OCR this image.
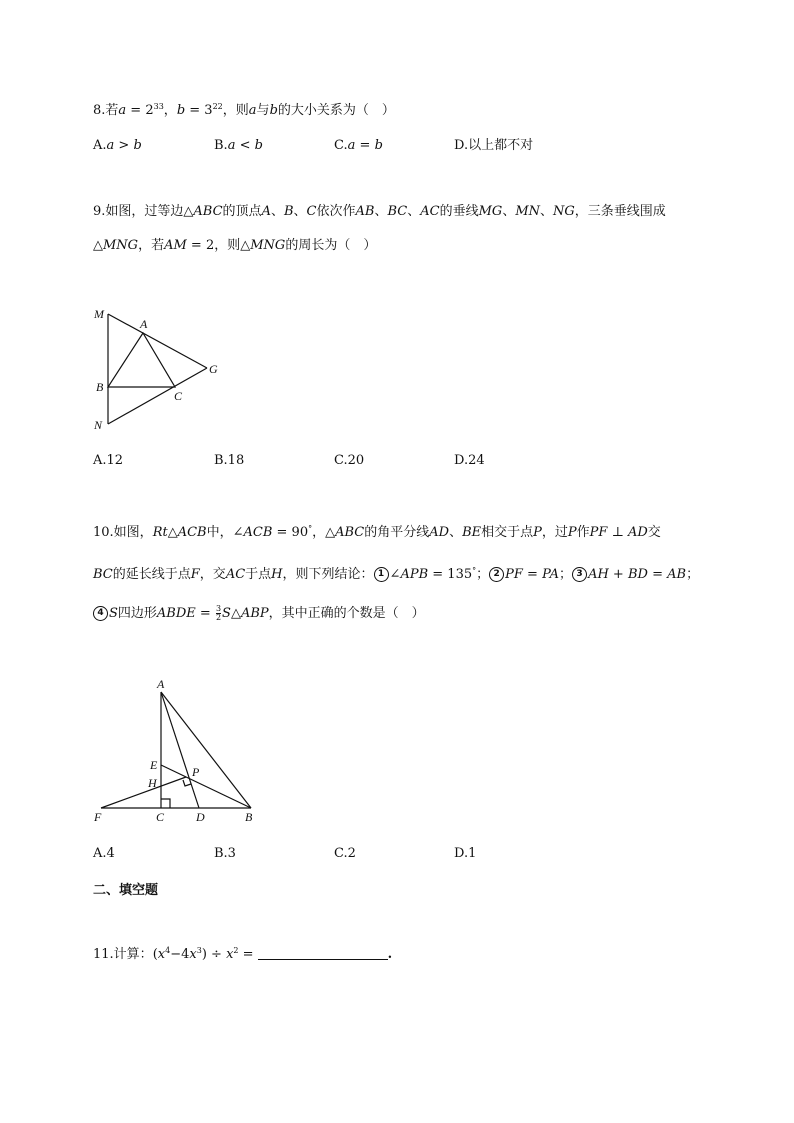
8.若$a = 2^{33}$，$b = 3^{22}$，则a与b的大小关系为（　）
A.a > b	B.a < b	C.a = b	D.以上都不对
9.如图，过等边△ABC的顶点A、B、C依次作AB、BC、AC的垂线MG、MN、NG，三条垂线围成
△MNG，若AM = 2，则△MNG的周长为（　）
M
A
G
B
C
N
A.12	B.18	C.20	D.24
10.如图，Rt△ACB中，∠ACB = 90°，△ABC的角平分线AD、BE相交于点P，过P作PF ⊥ AD交
BC的延长线于点F，交AC于点H，则下列结论： 1 ∠APB = 135°； 2 PF = PA； 3 AH + BD = AB；
4 S四边形ABDE = $\frac{3}{2}$ S△ABP，其中正确的个数是（　）
A
E
H
P
F	C	D	B
A.4	B.3	C.2	D.1
二、填空题
11.计算：$(x^4-4x^3) \div x^2$ =	.
